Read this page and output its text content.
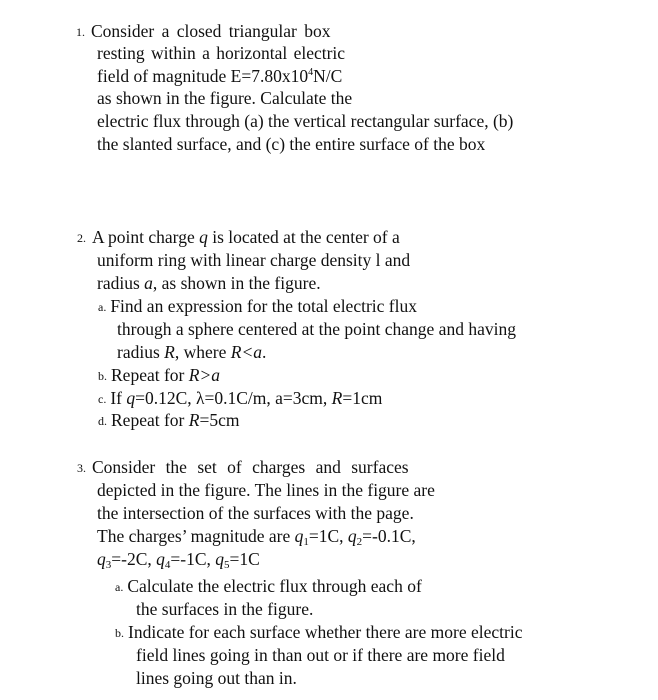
1. Consider a closed triangular box
resting within a horizontal electric
field of magnitude $E=7.80x10^4N/C$
as shown in the figure. Calculate the
electric flux through (a) the vertical rectangular surface, (b)
the slanted surface, and (c) the entire surface of the box
2. A point charge q is located at the center of a
uniform ring with linear charge density l and
radius a, as shown in the figure.
a. Find an expression for the total electric flux
through a sphere centered at the point change and having
radius R, where R<a.
b. Repeat for R>a
c. If q=0.12C, λ=0.1C/m, a=3cm, R=1cm
d. Repeat for R=5cm
3. Consider the set of charges and surfaces
depicted in the figure. The lines in the figure are
the intersection of the surfaces with the page.
The charges’ magnitude are $q_1=1C$, $q_2=-0.1C$,
$q_3=-2C$, $q_4=-1C$, $q_5=1C$
a. Calculate the electric flux through each of
the surfaces in the figure.
b. Indicate for each surface whether there are more electric
field lines going in than out or if there are more field
lines going out than in.
